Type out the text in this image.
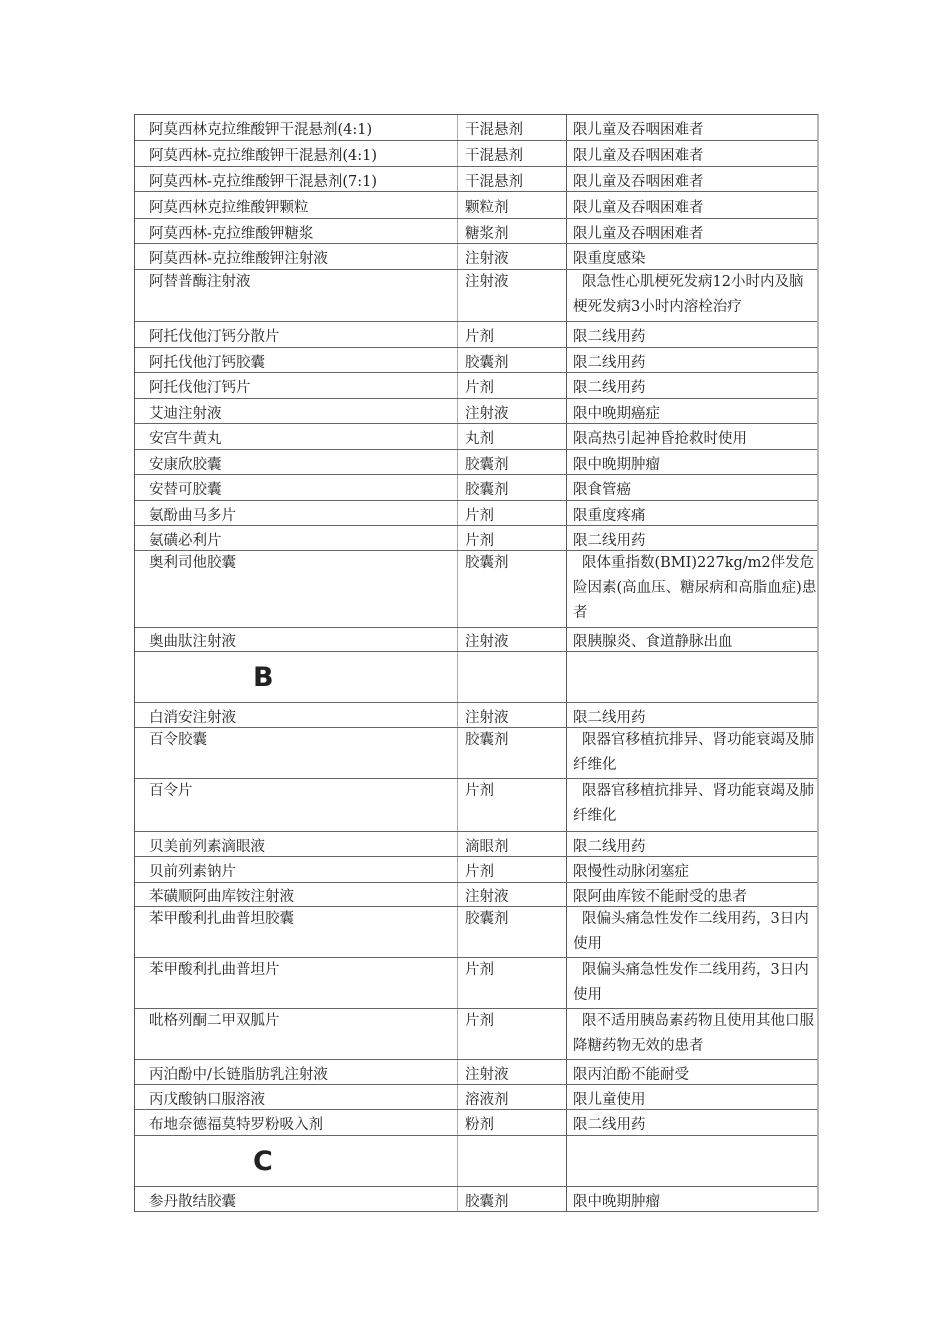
阿莫西林克拉维酸钾干混悬剂(4:1)	干混悬剂	限儿童及吞咽困难者
阿莫西林-克拉维酸钾干混悬剂(4:1)	干混悬剂	限儿童及吞咽困难者
阿莫西林-克拉维酸钾干混悬剂(7:1)	干混悬剂	限儿童及吞咽困难者
阿莫西林克拉维酸钾颗粒	颗粒剂	限儿童及吞咽困难者
阿莫西林-克拉维酸钾糖浆	糖浆剂	限儿童及吞咽困难者
阿莫西林-克拉维酸钾注射液	注射液	限重度感染
阿替普酶注射液	注射液	限急性心肌梗死发病12小时内及脑梗死发病3小时内溶栓治疗
阿托伐他汀钙分散片	片剂	限二线用药
阿托伐他汀钙胶囊	胶囊剂	限二线用药
阿托伐他汀钙片	片剂	限二线用药
艾迪注射液	注射液	限中晚期癌症
安宫牛黄丸	丸剂	限高热引起神昏抢救时使用
安康欣胶囊	胶囊剂	限中晚期肿瘤
安替可胶囊	胶囊剂	限食管癌
氨酚曲马多片	片剂	限重度疼痛
氨磺必利片	片剂	限二线用药
奥利司他胶囊	胶囊剂	限体重指数(BMI)227kg/m2伴发危险因素(高血压、糖尿病和高脂血症)患者
奥曲肽注射液	注射液	限胰腺炎、食道静脉出血
B
白消安注射液	注射液	限二线用药
百令胶囊	胶囊剂	限器官移植抗排异、肾功能衰竭及肺纤维化
百令片	片剂	限器官移植抗排异、肾功能衰竭及肺纤维化
贝美前列素滴眼液	滴眼剂	限二线用药
贝前列素钠片	片剂	限慢性动脉闭塞症
苯磺顺阿曲库铵注射液	注射液	限阿曲库铵不能耐受的患者
苯甲酸利扎曲普坦胶囊	胶囊剂	限偏头痛急性发作二线用药，3日内使用
苯甲酸利扎曲普坦片	片剂	限偏头痛急性发作二线用药，3日内使用
吡格列酮二甲双胍片	片剂	限不适用胰岛素药物且使用其他口服降糖药物无效的患者
丙泊酚中/长链脂肪乳注射液	注射液	限丙泊酚不能耐受
丙戊酸钠口服溶液	溶液剂	限儿童使用
布地奈德福莫特罗粉吸入剂	粉剂	限二线用药
C
参丹散结胶囊	胶囊剂	限中晚期肿瘤
